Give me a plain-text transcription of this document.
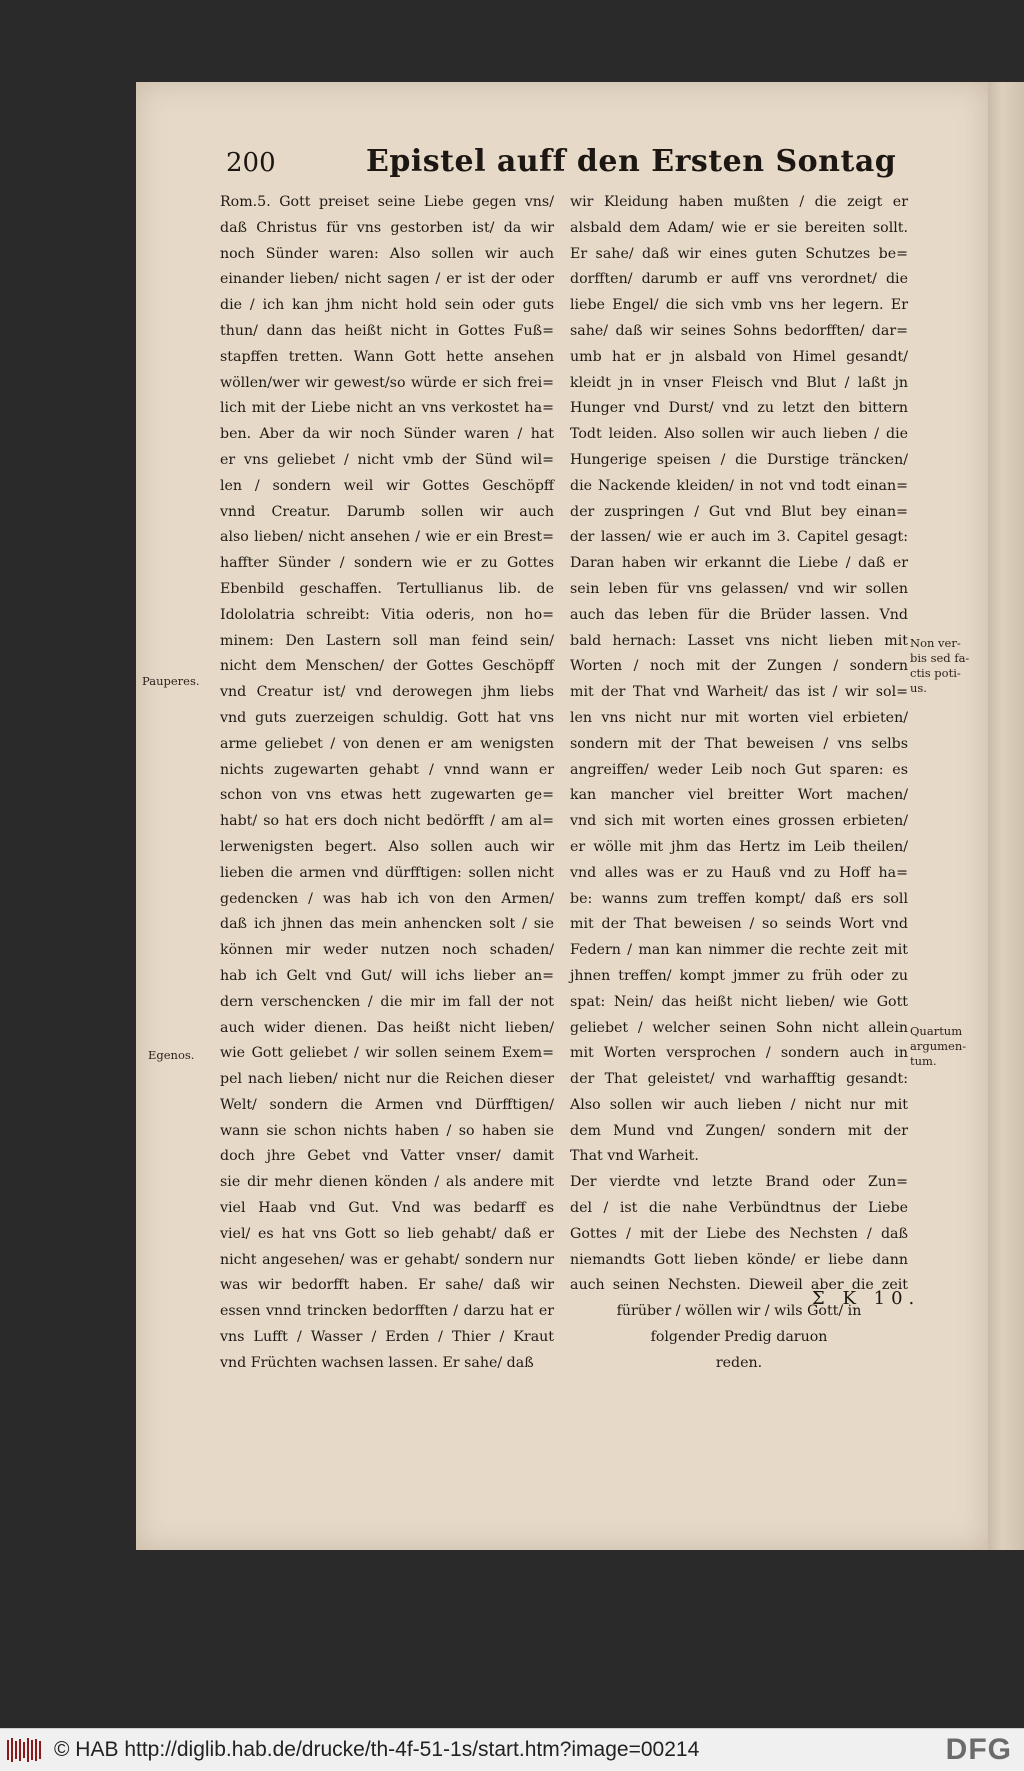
200	Epistel auff den Ersten Sontag
Rom.5. Gott preiset seine Liebe gegen vns/
daß Christus für vns gestorben ist/ da wir
noch Sünder waren: Also sollen wir auch
einander lieben/ nicht sagen / er ist der oder
die / ich kan jhm nicht hold sein oder guts
thun/ dann das heißt nicht in Gottes Fuß=
stapffen tretten. Wann Gott hette ansehen
wöllen/wer wir gewest/so würde er sich frei=
lich mit der Liebe nicht an vns verkostet ha=
ben. Aber da wir noch Sünder waren / hat
er vns geliebet / nicht vmb der Sünd wil=
len / sondern weil wir Gottes Geschöpff
vnnd Creatur. Darumb sollen wir auch
also lieben/ nicht ansehen / wie er ein Brest=
haffter Sünder / sondern wie er zu Gottes
Ebenbild geschaffen. Tertullianus lib. de
Idololatria schreibt: Vitia oderis, non ho=
minem: Den Lastern soll man feind sein/
nicht dem Menschen/ der Gottes Geschöpff
vnd Creatur ist/ vnd derowegen jhm liebs
vnd guts zuerzeigen schuldig. Gott hat vns
arme geliebet / von denen er am wenigsten
nichts zugewarten gehabt / vnnd wann er
schon von vns etwas hett zugewarten ge=
habt/ so hat ers doch nicht bedörfft / am al=
lerwenigsten begert. Also sollen auch wir
lieben die armen vnd dürfftigen: sollen nicht
gedencken / was hab ich von den Armen/
daß ich jhnen das mein anhencken solt / sie
können mir weder nutzen noch schaden/
hab ich Gelt vnd Gut/ will ichs lieber an=
dern verschencken / die mir im fall der not
auch wider dienen. Das heißt nicht lieben/
wie Gott geliebet / wir sollen seinem Exem=
pel nach lieben/ nicht nur die Reichen dieser
Welt/ sondern die Armen vnd Dürfftigen/
wann sie schon nichts haben / so haben sie
doch jhre Gebet vnd Vatter vnser/ damit
sie dir mehr dienen könden / als andere mit
viel Haab vnd Gut. Vnd was bedarff es
viel/ es hat vns Gott so lieb gehabt/ daß er
nicht angesehen/ was er gehabt/ sondern nur
was wir bedorfft haben. Er sahe/ daß wir
essen vnnd trincken bedorfften / darzu hat er
vns Lufft / Wasser / Erden / Thier / Kraut
vnd Früchten wachsen lassen. Er sahe/ daß
wir Kleidung haben mußten / die zeigt er
alsbald dem Adam/ wie er sie bereiten sollt.
Er sahe/ daß wir eines guten Schutzes be=
dorfften/ darumb er auff vns verordnet/ die
liebe Engel/ die sich vmb vns her legern. Er
sahe/ daß wir seines Sohns bedorfften/ dar=
umb hat er jn alsbald von Himel gesandt/
kleidt jn in vnser Fleisch vnd Blut / laßt jn
Hunger vnd Durst/ vnd zu letzt den bittern
Todt leiden. Also sollen wir auch lieben / die
Hungerige speisen / die Durstige träncken/
die Nackende kleiden/ in not vnd todt einan=
der zuspringen / Gut vnd Blut bey einan=
der lassen/ wie er auch im 3. Capitel gesagt:
Daran haben wir erkannt die Liebe / daß er
sein leben für vns gelassen/ vnd wir sollen
auch das leben für die Brüder lassen. Vnd
bald hernach: Lasset vns nicht lieben mit
Worten / noch mit der Zungen / sondern
mit der That vnd Warheit/ das ist / wir sol=
len vns nicht nur mit worten viel erbieten/
sondern mit der That beweisen / vns selbs
angreiffen/ weder Leib noch Gut sparen: es
kan mancher viel breitter Wort machen/
vnd sich mit worten eines grossen erbieten/
er wölle mit jhm das Hertz im Leib theilen/
vnd alles was er zu Hauß vnd zu Hoff ha=
be: wanns zum treffen kompt/ daß ers soll
mit der That beweisen / so seinds Wort vnd
Federn / man kan nimmer die rechte zeit mit
jhnen treffen/ kompt jmmer zu früh oder zu
spat: Nein/ das heißt nicht lieben/ wie Gott
geliebet / welcher seinen Sohn nicht allein
mit Worten versprochen / sondern auch in
der That geleistet/ vnd warhafftig gesandt:
Also sollen wir auch lieben / nicht nur mit
dem Mund vnd Zungen/ sondern mit der
That vnd Warheit.
Der vierdte vnd letzte Brand oder Zun=
del / ist die nahe Verbündtnus der Liebe
Gottes / mit der Liebe des Nechsten / daß
niemandts Gott lieben könde/ er liebe dann
auch seinen Nechsten. Dieweil aber die zeit
fürüber / wöllen wir / wils Gott/ in
folgender Predig daruon
reden.
Pauperes.
Egenos.
Non ver-
bis sed fa-
ctis poti-
us.
Quartum
argumen-
tum.
Σ K 10.
© HAB http://diglib.hab.de/drucke/th-4f-51-1s/start.htm?image=00214	DFG
